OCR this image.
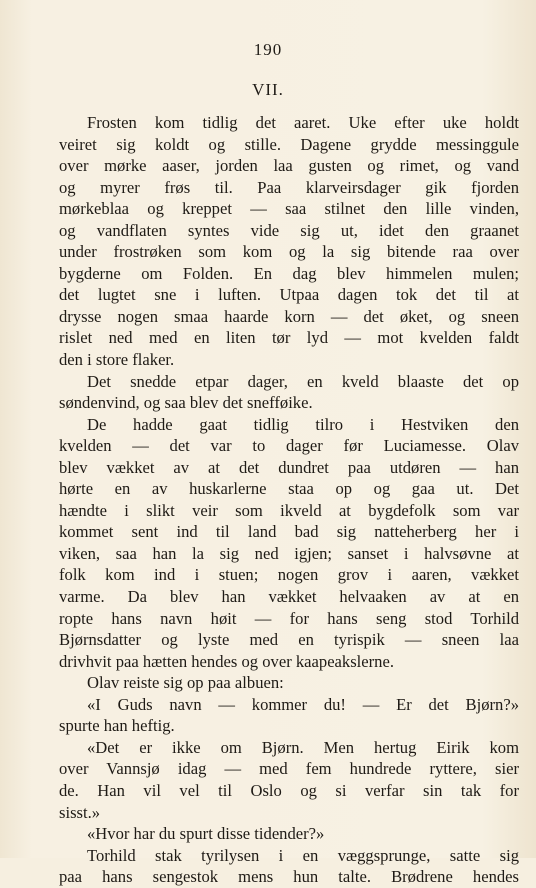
190
VII.
Frosten kom tidlig det aaret. Uke efter uke holdt
veiret sig koldt og stille. Dagene grydde messinggule
over mørke aaser, jorden laa gusten og rimet, og vand
og myrer frøs til. Paa klarveirsdager gik fjorden
mørkeblaa og kreppet — saa stilnet den lille vinden,
og vandflaten syntes vide sig ut, idet den graanet
under frostrøken som kom og la sig bitende raa over
bygderne om Folden. En dag blev himmelen mulen;
det lugtet sne i luften. Utpaa dagen tok det til at
drysse nogen smaa haarde korn — det øket, og sneen
rislet ned med en liten tør lyd — mot kvelden faldt
den i store flaker.
Det snedde etpar dager, en kveld blaaste det op
søndenvind, og saa blev det snefføike.
De hadde gaat tidlig tilro i Hestviken den
kvelden — det var to dager før Luciamesse. Olav
blev vækket av at det dundret paa utdøren — han
hørte en av huskarlerne staa op og gaa ut. Det
hændte i slikt veir som ikveld at bygdefolk som var
kommet sent ind til land bad sig natteherberg her i
viken, saa han la sig ned igjen; sanset i halvsøvne at
folk kom ind i stuen; nogen grov i aaren, vækket
varme. Da blev han vækket helvaaken av at en
ropte hans navn høit — for hans seng stod Torhild
Bjørnsdatter og lyste med en tyrispik — sneen laa
drivhvit paa hætten hendes og over kaapeakslerne.
Olav reiste sig op paa albuen:
«I Guds navn — kommer du! — Er det Bjørn?»
spurte han heftig.
«Det er ikke om Bjørn. Men hertug Eirik kom
over Vannsjø idag — med fem hundrede ryttere, sier
de. Han vil vel til Oslo og si verfar sin tak for
sisst.»
«Hvor har du spurt disse tidender?»
Torhild stak tyrilysen i en væggsprunge, satte sig
paa hans sengestok mens hun talte. Brødrene hendes
